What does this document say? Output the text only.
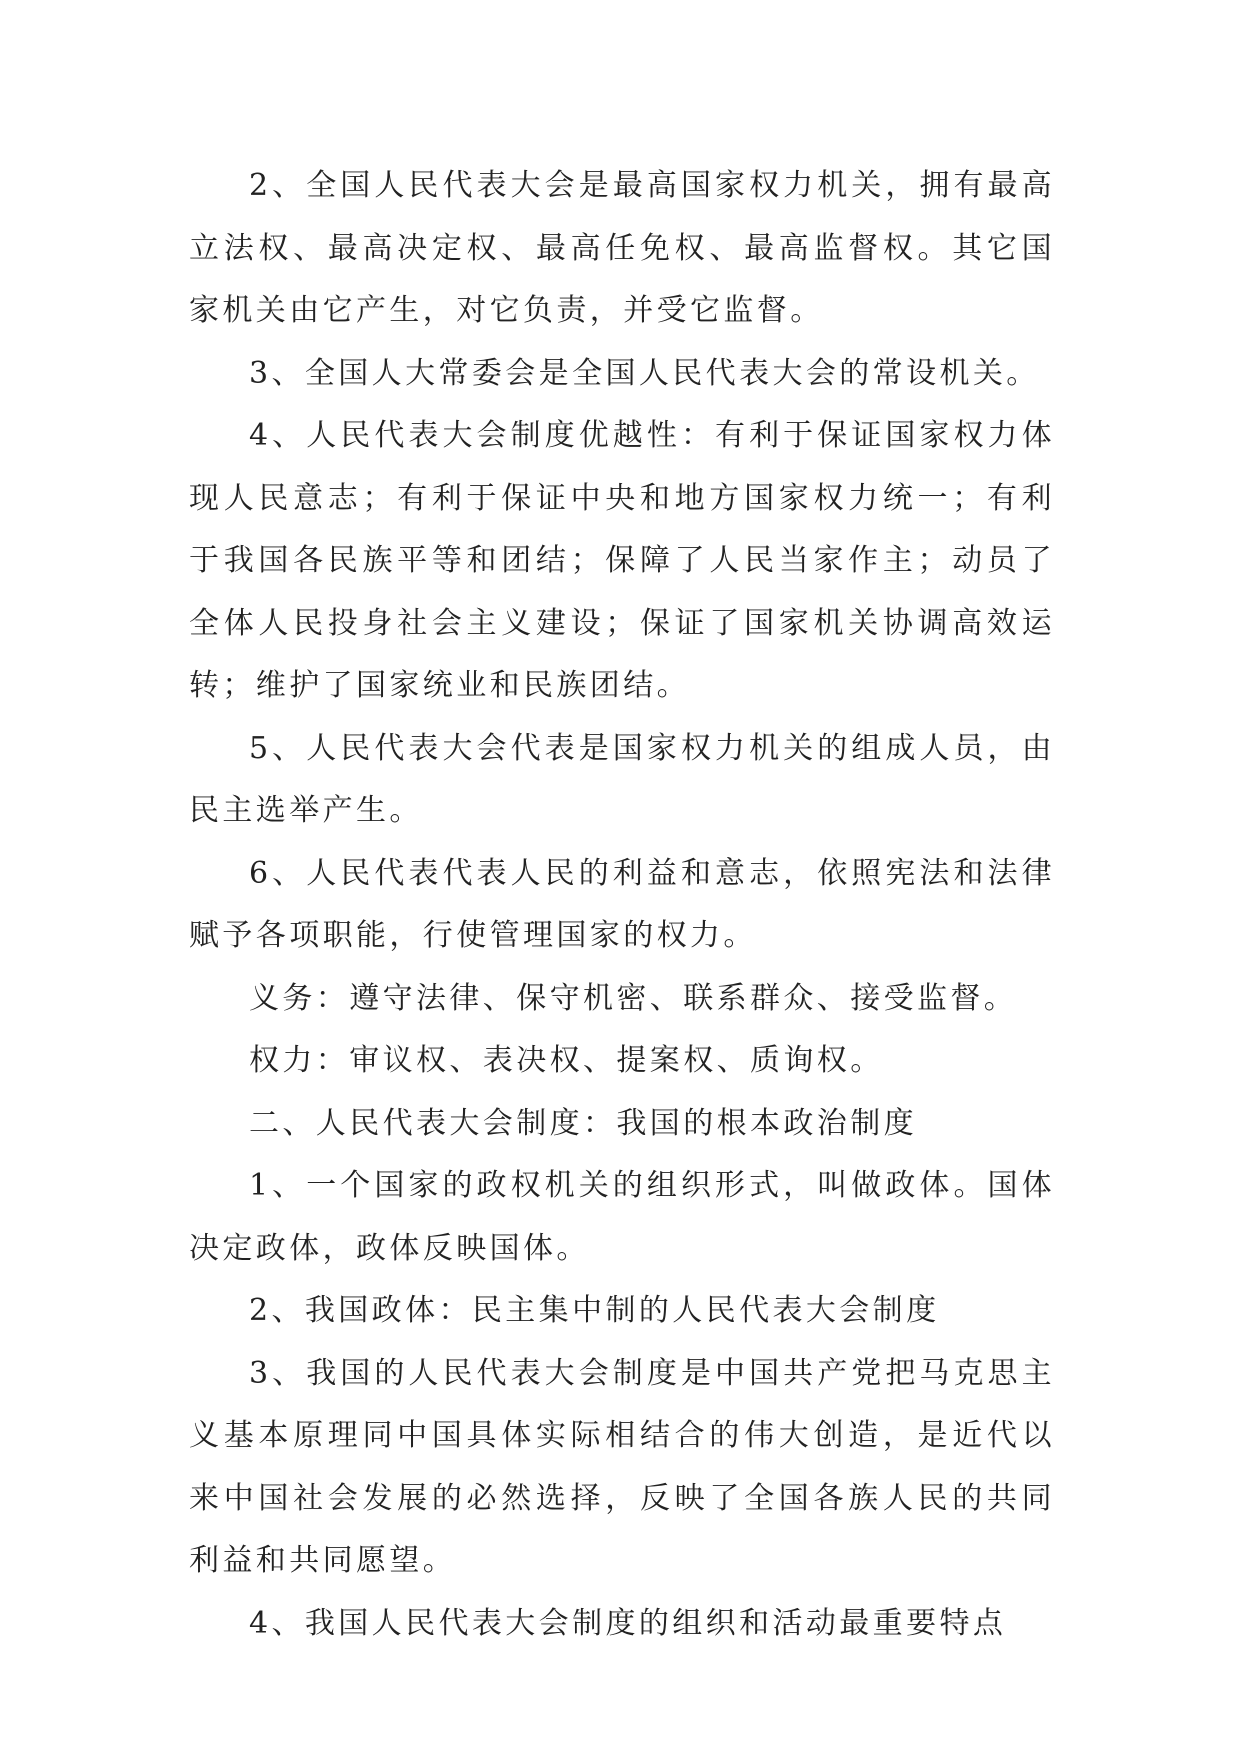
2、全国人民代表大会是最高国家权力机关，拥有最高立法权、最高决定权、最高任免权、最高监督权。其它国家机关由它产生，对它负责，并受它监督。

3、全国人大常委会是全国人民代表大会的常设机关。

4、人民代表大会制度优越性：有利于保证国家权力体现人民意志；有利于保证中央和地方国家权力统一；有利于我国各民族平等和团结；保障了人民当家作主；动员了全体人民投身社会主义建设；保证了国家机关协调高效运转；维护了国家统业和民族团结。

5、人民代表大会代表是国家权力机关的组成人员，由民主选举产生。

6、人民代表代表人民的利益和意志，依照宪法和法律赋予各项职能，行使管理国家的权力。

义务：遵守法律、保守机密、联系群众、接受监督。

权力：审议权、表决权、提案权、质询权。

二、人民代表大会制度：我国的根本政治制度

1、一个国家的政权机关的组织形式，叫做政体。国体决定政体，政体反映国体。

2、我国政体：民主集中制的人民代表大会制度

3、我国的人民代表大会制度是中国共产党把马克思主义基本原理同中国具体实际相结合的伟大创造，是近代以来中国社会发展的必然选择，反映了全国各族人民的共同利益和共同愿望。

4、我国人民代表大会制度的组织和活动最重要特点
